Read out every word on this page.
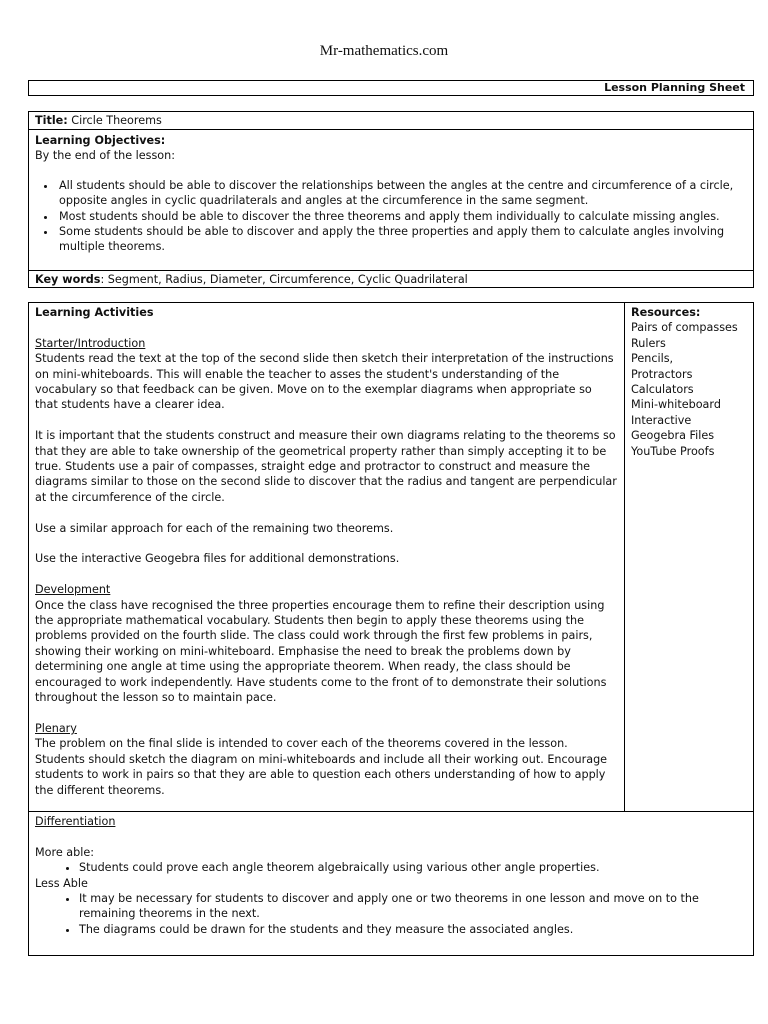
Mr-mathematics.com
Lesson Planning Sheet
Title: Circle Theorems
Learning Objectives:
By the end of the lesson:
• All students should be able to discover the relationships between the angles at the centre and circumference of a circle, opposite angles in cyclic quadrilaterals and angles at the circumference in the same segment.
• Most students should be able to discover the three theorems and apply them individually to calculate missing angles.
• Some students should be able to discover and apply the three properties and apply them to calculate angles involving multiple theorems.
Key words: Segment, Radius, Diameter, Circumference, Cyclic Quadrilateral

Learning Activities

Starter/Introduction

Students read the text at the top of the second slide then sketch their interpretation of the instructions on mini-whiteboards. This will enable the teacher to asses the student's understanding of the vocabulary so that feedback can be given. Move on to the exemplar diagrams when appropriate so that students have a clearer idea.

It is important that the students construct and measure their own diagrams relating to the theorems so that they are able to take ownership of the geometrical property rather than simply accepting it to be true. Students use a pair of compasses, straight edge and protractor to construct and measure the diagrams similar to those on the second slide to discover that the radius and tangent are perpendicular at the circumference of the circle.

Use a similar approach for each of the remaining two theorems.

Use the interactive Geogebra files for additional demonstrations.

Development

Once the class have recognised the three properties encourage them to refine their description using the appropriate mathematical vocabulary. Students then begin to apply these theorems using the problems provided on the fourth slide. The class could work through the first few problems in pairs, showing their working on mini-whiteboard. Emphasise the need to break the problems down by determining one angle at time using the appropriate theorem. When ready, the class should be encouraged to work independently. Have students come to the front of to demonstrate their solutions throughout the lesson so to maintain pace.

Plenary

The problem on the final slide is intended to cover each of the theorems covered in the lesson. Students should sketch the diagram on mini-whiteboards and include all their working out. Encourage students to work in pairs so that they are able to question each others understanding of how to apply the different theorems.

Resources:

Pairs of compasses

Rulers

Pencils,

Protractors

Calculators

Mini-whiteboard

Interactive Geogebra Files

YouTube Proofs

Differentiation

More able:

• Students could prove each angle theorem algebraically using various other angle properties.

Less Able

• It may be necessary for students to discover and apply one or two theorems in one lesson and move on to the remaining theorems in the next.
• The diagrams could be drawn for the students and they measure the associated angles.
